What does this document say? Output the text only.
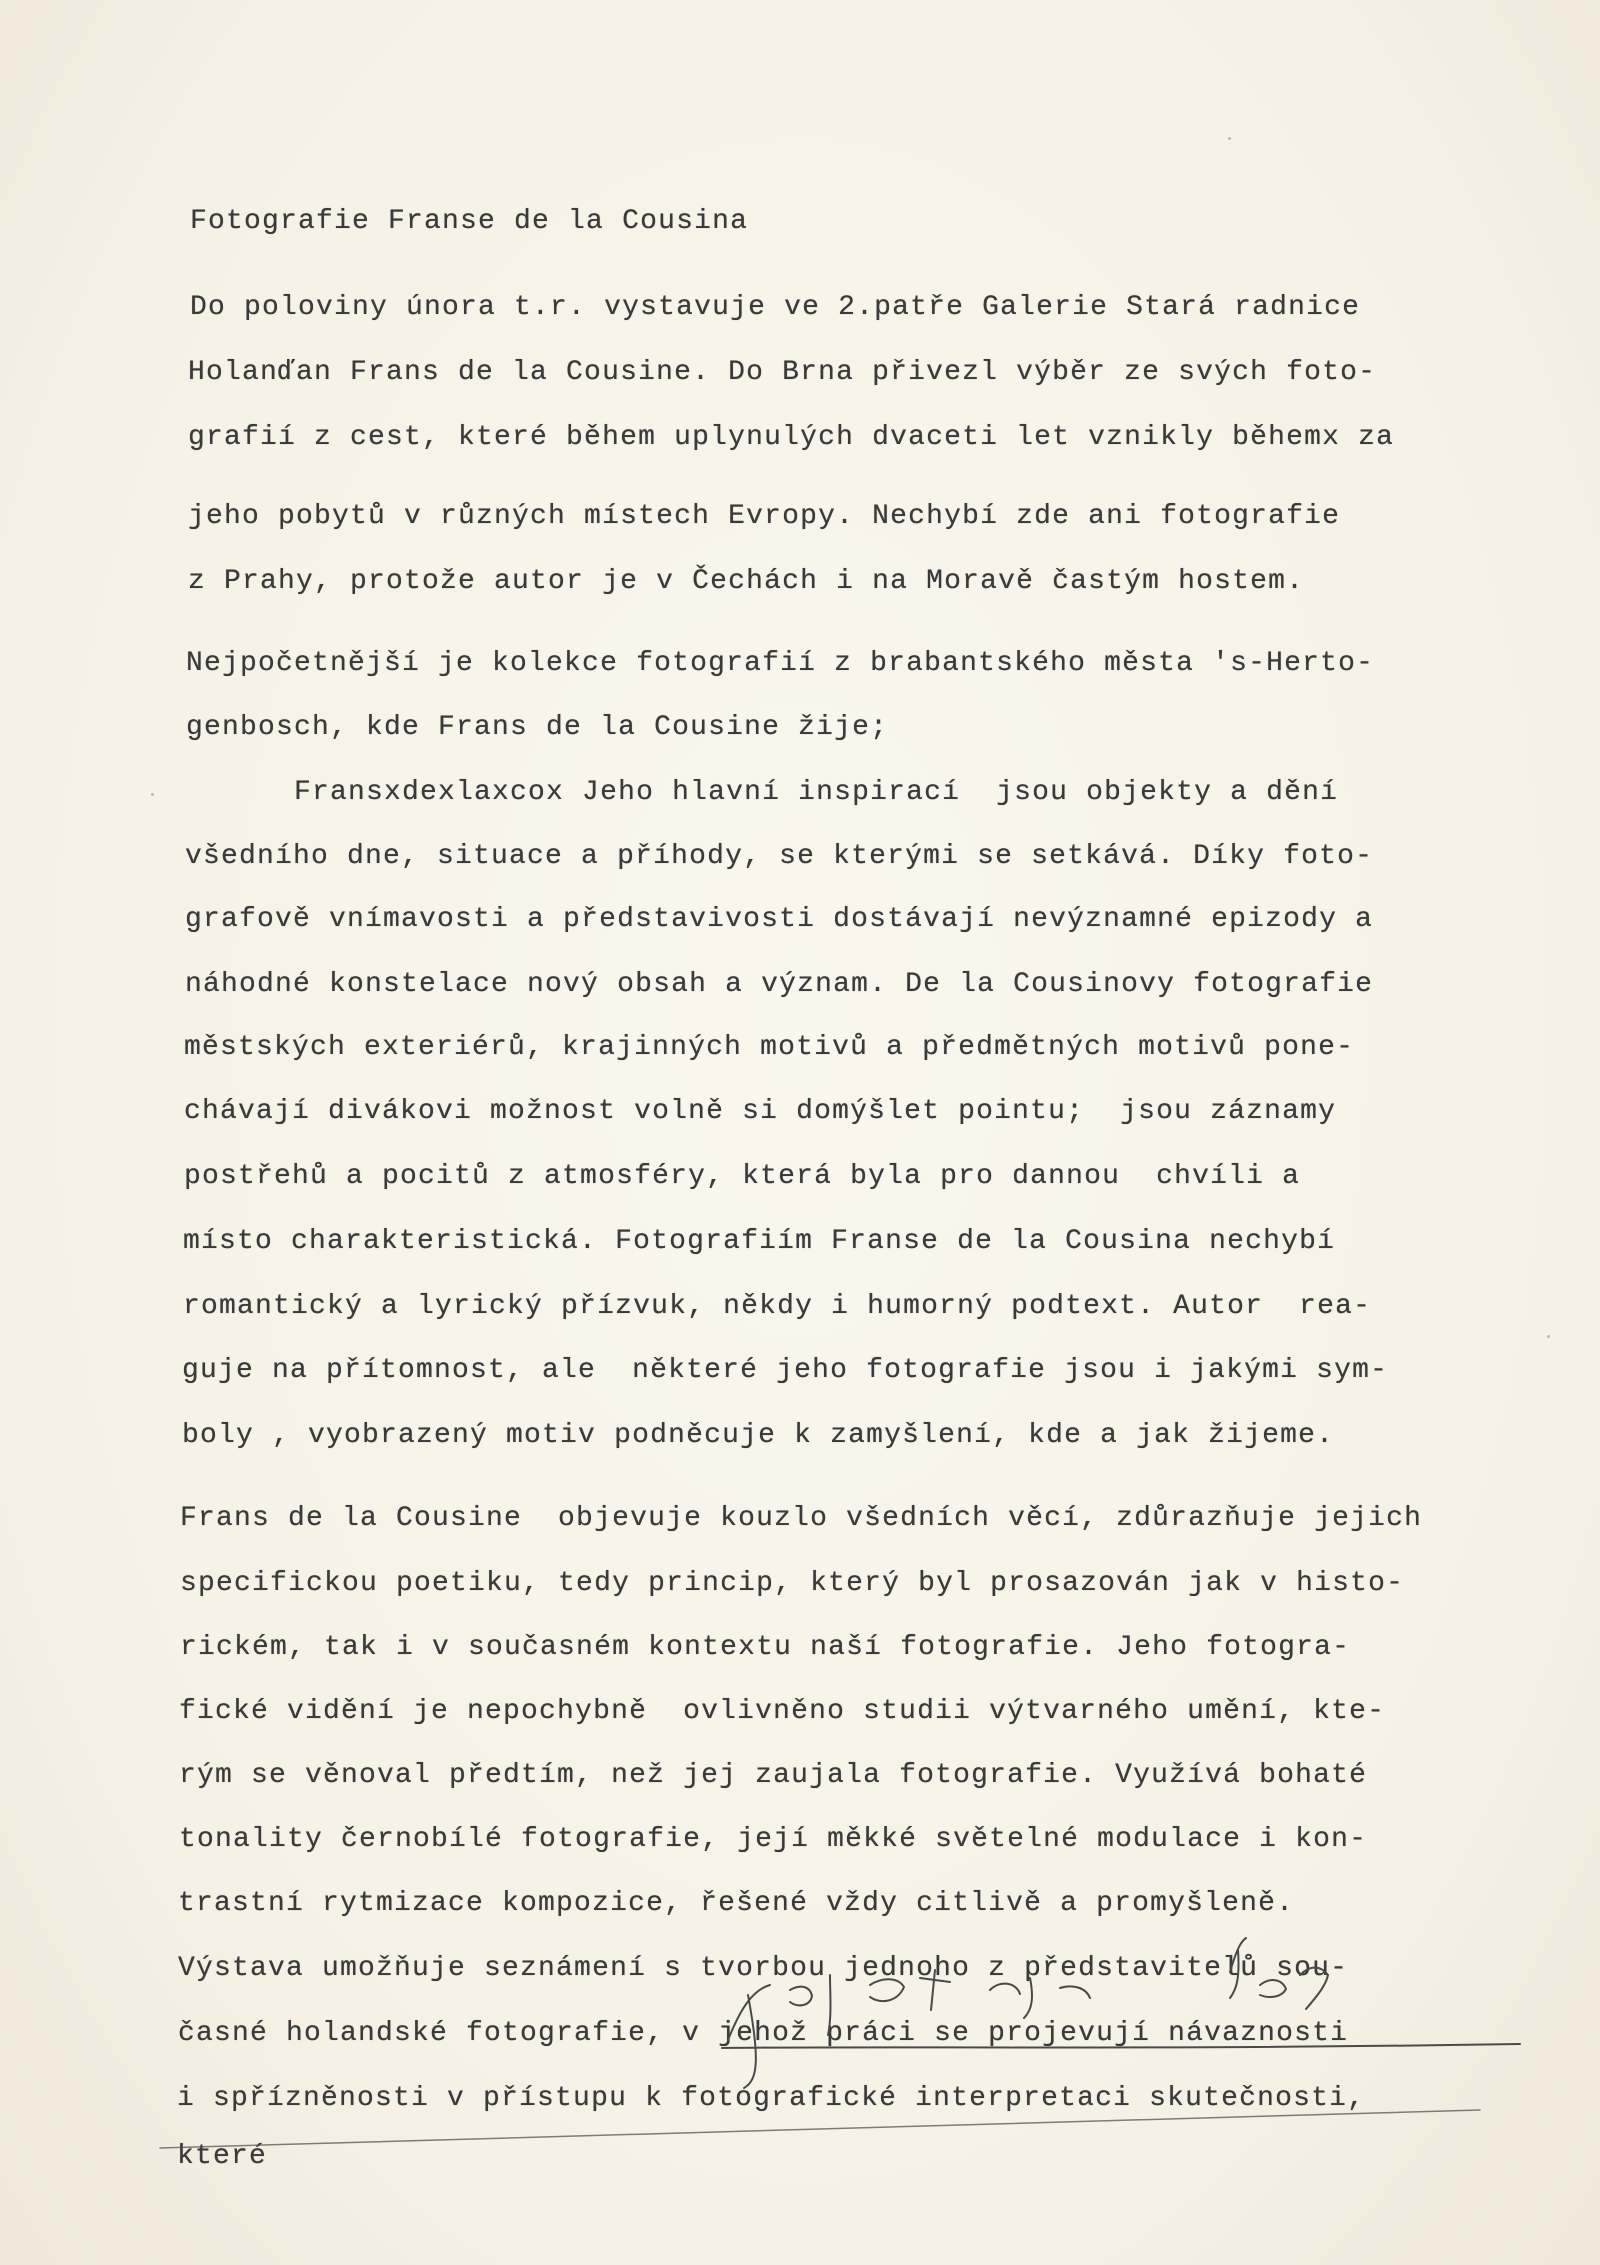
Fotografie Franse de la Cousina
Do poloviny února t.r. vystavuje ve 2.patře Galerie Stará radnice
Holanďan Frans de la Cousine. Do Brna přivezl výběr ze svých foto-
grafií z cest, které během uplynulých dvaceti let vznikly běhemx za
jeho pobytů v různých místech Evropy. Nechybí zde ani fotografie
z Prahy, protože autor je v Čechách i na Moravě častým hostem.
Nejpočetnější je kolekce fotografií z brabantského města 's-Herto-
genbosch, kde Frans de la Cousine žije;
Fransxdexlaxcox Jeho hlavní inspirací  jsou objekty a dění
všedního dne, situace a příhody, se kterými se setkává. Díky foto-
grafově vnímavosti a představivosti dostávají nevýznamné epizody a
náhodné konstelace nový obsah a význam. De la Cousinovy fotografie
městských exteriérů, krajinných motivů a předmětných motivů pone-
chávají divákovi možnost volně si domýšlet pointu;  jsou záznamy
postřehů a pocitů z atmosféry, která byla pro dannou  chvíli a
místo charakteristická. Fotografiím Franse de la Cousina nechybí
romantický a lyrický přízvuk, někdy i humorný podtext. Autor  rea-
guje na přítomnost, ale  některé jeho fotografie jsou i jakými sym-
boly , vyobrazený motiv podněcuje k zamyšlení, kde a jak žijeme.
Frans de la Cousine  objevuje kouzlo všedních věcí, zdůrazňuje jejich
specifickou poetiku, tedy princip, který byl prosazován jak v histo-
rickém, tak i v současném kontextu naší fotografie. Jeho fotogra-
fické vidění je nepochybně  ovlivněno studii výtvarného umění, kte-
rým se věnoval předtím, než jej zaujala fotografie. Využívá bohaté
tonality černobílé fotografie, její měkké světelné modulace i kon-
trastní rytmizace kompozice, řešené vždy citlivě a promyšleně.
Výstava umožňuje seznámení s tvorbou jednoho z představitelů sou-
časné holandské fotografie, v jehož práci se projevují návaznosti
i spřízněnosti v přístupu k fotografické interpretaci skutečnosti,
které
